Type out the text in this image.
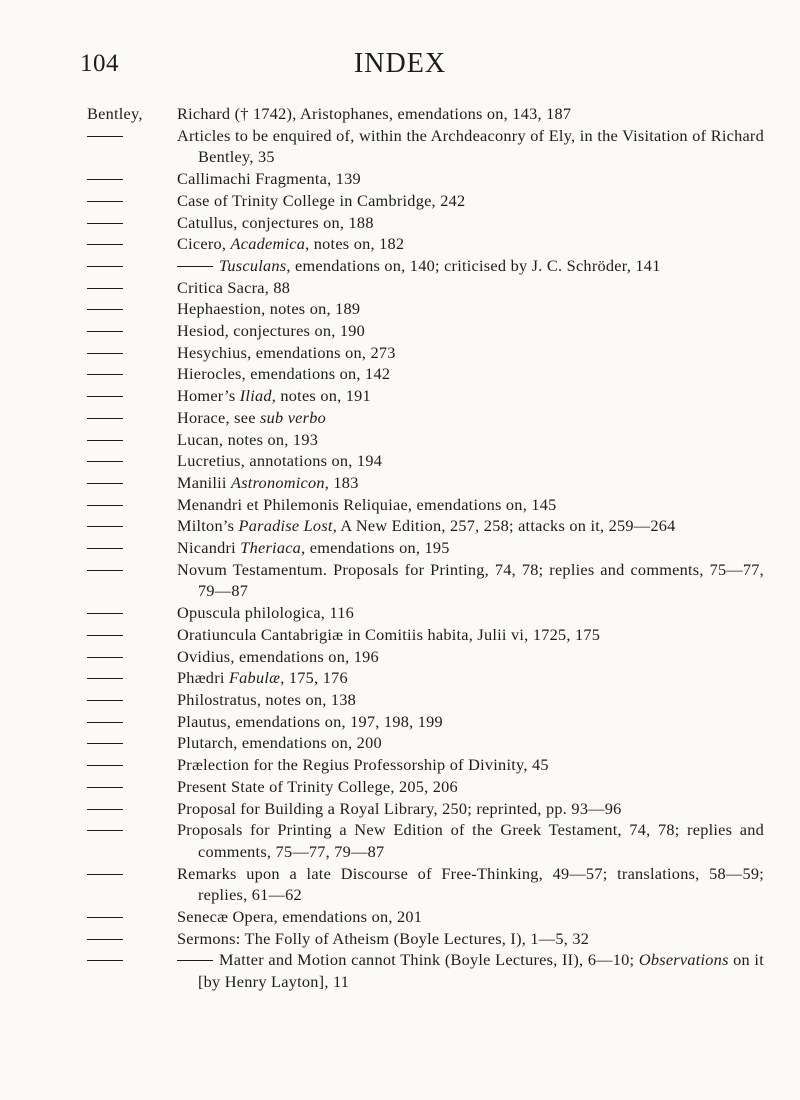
104	INDEX
Bentley, Richard († 1742), Aristophanes, emendations on, 143, 187
Articles to be enquired of, within the Archdeaconry of Ely, in the Visitation of Richard Bentley, 35
Callimachi Fragmenta, 139
Case of Trinity College in Cambridge, 242
Catullus, conjectures on, 188
Cicero, Academica, notes on, 182
Tusculans, emendations on, 140; criticised by J. C. Schröder, 141
Critica Sacra, 88
Hephaestion, notes on, 189
Hesiod, conjectures on, 190
Hesychius, emendations on, 273
Hierocles, emendations on, 142
Homer’s Iliad, notes on, 191
Horace, see sub verbo
Lucan, notes on, 193
Lucretius, annotations on, 194
Manilii Astronomicon, 183
Menandri et Philemonis Reliquiae, emendations on, 145
Milton’s Paradise Lost, A New Edition, 257, 258; attacks on it, 259—264
Nicandri Theriaca, emendations on, 195
Novum Testamentum. Proposals for Printing, 74, 78; replies and comments, 75—77, 79—87
Opuscula philologica, 116
Oratiuncula Cantabrigiæ in Comitiis habita, Julii vi, 1725, 175
Ovidius, emendations on, 196
Phædri Fabulæ, 175, 176
Philostratus, notes on, 138
Plautus, emendations on, 197, 198, 199
Plutarch, emendations on, 200
Prælection for the Regius Professorship of Divinity, 45
Present State of Trinity College, 205, 206
Proposal for Building a Royal Library, 250; reprinted, pp. 93—96
Proposals for Printing a New Edition of the Greek Testament, 74, 78; replies and comments, 75—77, 79—87
Remarks upon a late Discourse of Free-Thinking, 49—57; translations, 58—59; replies, 61—62
Senecæ Opera, emendations on, 201
Sermons: The Folly of Atheism (Boyle Lectures, I), 1—5, 32
Matter and Motion cannot Think (Boyle Lectures, II), 6—10; Observations on it [by Henry Layton], 11
